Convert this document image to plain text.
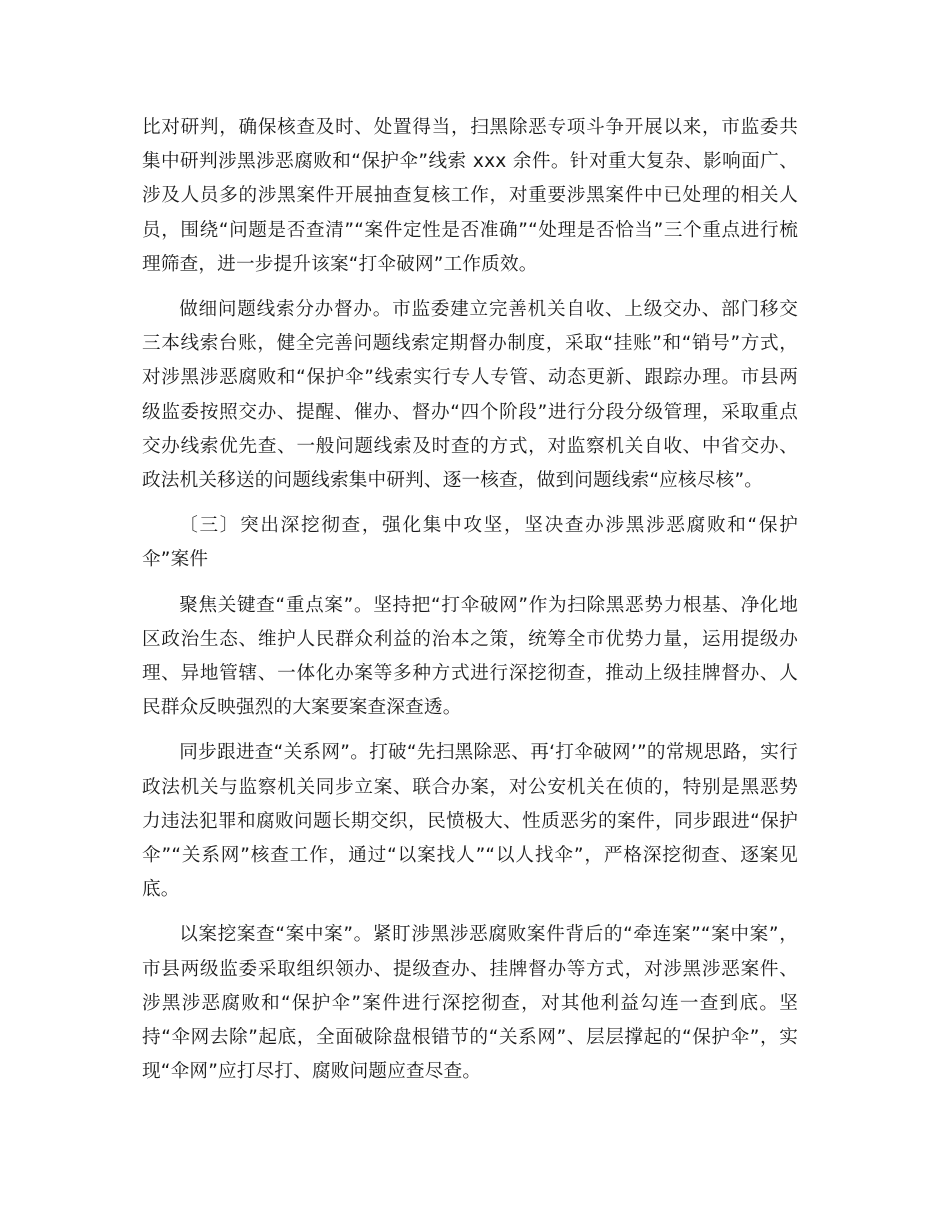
比对研判，确保核查及时、处置得当，扫黑除恶专项斗争开展以来，市监委共集中研判涉黑涉恶腐败和“保护伞”线索 xxx 余件。针对重大复杂、影响面广、涉及人员多的涉黑案件开展抽查复核工作，对重要涉黑案件中已处理的相关人员，围绕“问题是否查清”“案件定性是否准确”“处理是否恰当”三个重点进行梳理筛查，进一步提升该案“打伞破网”工作质效。

做细问题线索分办督办。市监委建立完善机关自收、上级交办、部门移交三本线索台账，健全完善问题线索定期督办制度，采取“挂账”和“销号”方式，对涉黑涉恶腐败和“保护伞”线索实行专人专管、动态更新、跟踪办理。市县两级监委按照交办、提醒、催办、督办“四个阶段”进行分段分级管理，采取重点交办线索优先查、一般问题线索及时查的方式，对监察机关自收、中省交办、政法机关移送的问题线索集中研判、逐一核查，做到问题线索“应核尽核”。

〔三〕突出深挖彻查，强化集中攻坚，坚决查办涉黑涉恶腐败和“保护伞”案件

聚焦关键查“重点案”。坚持把“打伞破网”作为扫除黑恶势力根基、净化地区政治生态、维护人民群众利益的治本之策，统筹全市优势力量，运用提级办理、异地管辖、一体化办案等多种方式进行深挖彻查，推动上级挂牌督办、人民群众反映强烈的大案要案查深查透。

同步跟进查“关系网”。打破“先扫黑除恶、再‘打伞破网’”的常规思路，实行政法机关与监察机关同步立案、联合办案，对公安机关在侦的，特别是黑恶势力违法犯罪和腐败问题长期交织，民愤极大、性质恶劣的案件，同步跟进“保护伞”“关系网”核查工作，通过“以案找人”“以人找伞”，严格深挖彻查、逐案见底。

以案挖案查“案中案”。紧盯涉黑涉恶腐败案件背后的“牵连案”“案中案”，市县两级监委采取组织领办、提级查办、挂牌督办等方式，对涉黑涉恶案件、涉黑涉恶腐败和“保护伞”案件进行深挖彻查，对其他利益勾连一查到底。坚持“伞网去除”起底，全面破除盘根错节的“关系网”、层层撑起的“保护伞”，实现“伞网”应打尽打、腐败问题应查尽查。
